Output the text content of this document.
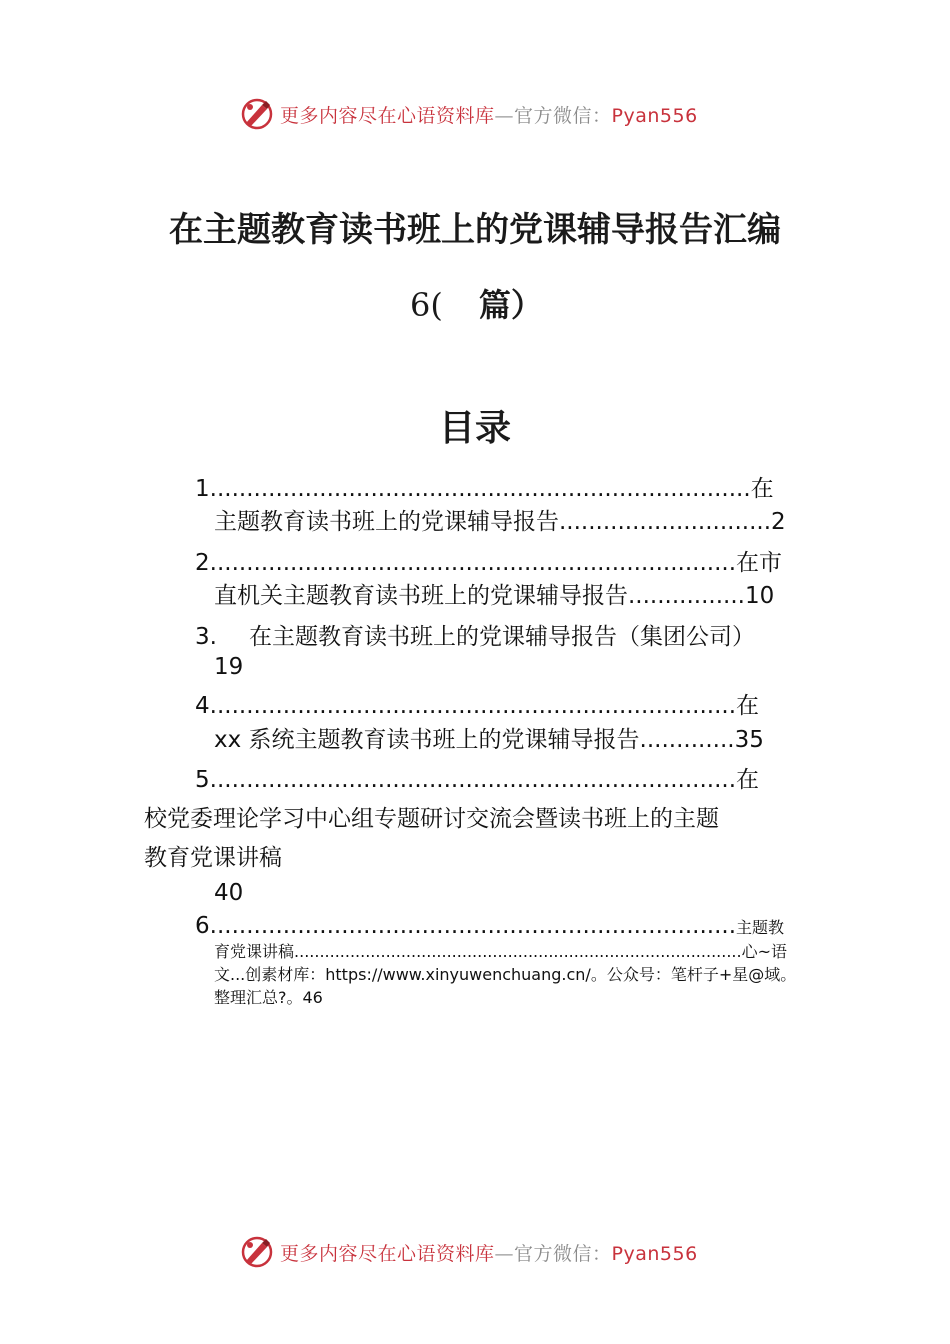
更多内容尽在心语资料库—官方微信：Pyan556
在主题教育读书班上的党课辅导报告汇编
6( 篇）
目录
1..........................................................................在
主题教育读书班上的党课辅导报告.............................2
2........................................................................在市
直机关主题教育读书班上的党课辅导报告................10
3. 在主题教育读书班上的党课辅导报告（集团公司）
19
4........................................................................在
xx 系统主题教育读书班上的党课辅导报告.............35
5........................................................................在
校党委理论学习中心组专题研讨交流会暨读书班上的主题
教育党课讲稿
40
6........................................................................主题教
育党课讲稿........................................................................................心~语
文...创素材库：https://www.xinyuwenchuang.cn/。公众号：笔杆子+星@域。
整理汇总?。46
更多内容尽在心语资料库—官方微信：Pyan556
